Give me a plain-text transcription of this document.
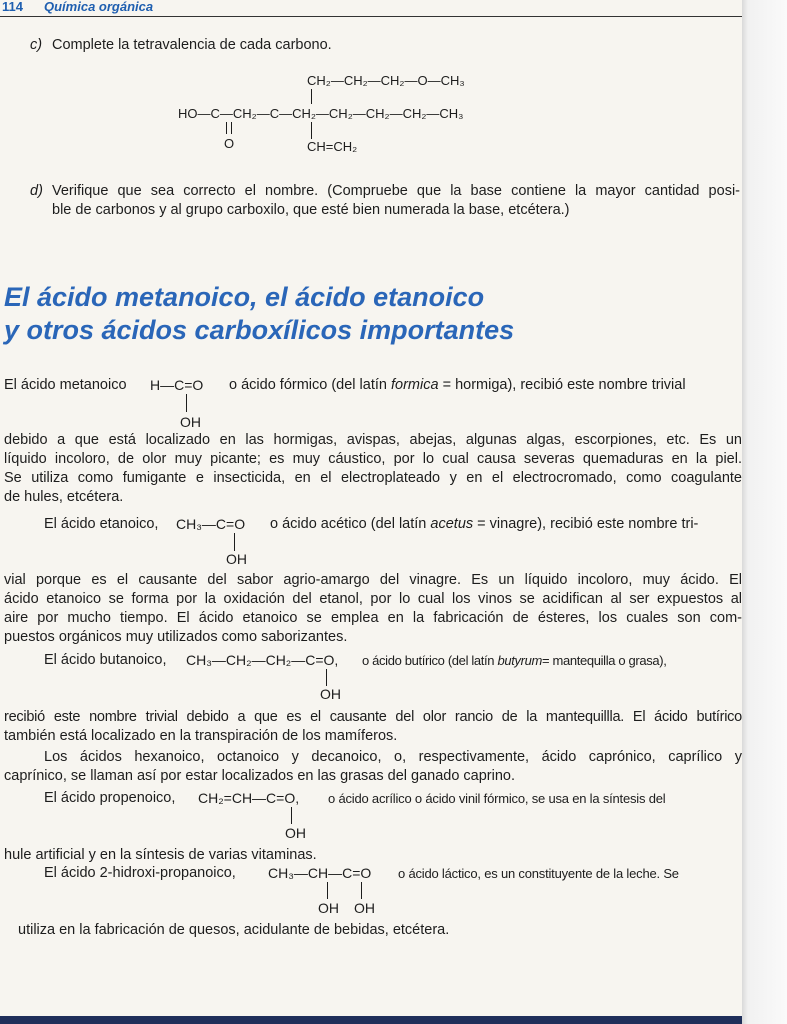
114 Química orgánica
c) Complete la tetravalencia de cada carbono.
CH₂—CH₂—CH₂—O—CH₃
HO—C—CH₂—C—CH₂—CH₂—CH₂—CH₂—CH₃
O	CH=CH₂
d) Verifique que sea correcto el nombre. (Compruebe que la base contiene la mayor cantidad posi-
ble de carbonos y al grupo carboxilo, que esté bien numerada la base, etcétera.)
El ácido metanoico, el ácido etanoico
y otros ácidos carboxílicos importantes
El ácido metanoico H—C=O
OH
o ácido fórmico (del latín formica = hormiga), recibió este nombre trivial
debido a que está localizado en las hormigas, avispas, abejas, algunas algas, escorpiones, etc. Es un
líquido incoloro, de olor muy picante; es muy cáustico, por lo cual causa severas quemaduras en la piel.
Se utiliza como fumigante e insecticida, en el electroplateado y en el electrocromado, como coagulante
de hules, etcétera.
El ácido etanoico, CH₃—C=O
OH
o ácido acético (del latín acetus = vinagre), recibió este nombre tri-
vial porque es el causante del sabor agrio-amargo del vinagre. Es un líquido incoloro, muy ácido. El
ácido etanoico se forma por la oxidación del etanol, por lo cual los vinos se acidifican al ser expuestos al
aire por mucho tiempo. El ácido etanoico se emplea en la fabricación de ésteres, los cuales son com-
puestos orgánicos muy utilizados como saborizantes.
El ácido butanoico, CH₃—CH₂—CH₂—C=O,
OH
o ácido butírico (del latín butyrum= mantequilla o grasa),
recibió este nombre trivial debido a que es el causante del olor rancio de la mantequillla. El ácido butírico
también está localizado en la transpiración de los mamíferos.
Los ácidos hexanoico, octanoico y decanoico, o, respectivamente, ácido caprónico, caprílico y
caprínico, se llaman así por estar localizados en las grasas del ganado caprino.
El ácido propenoico, CH₂=CH—C=O,
OH
o ácido acrílico o ácido vinil fórmico, se usa en la síntesis del
hule artificial y en la síntesis de varias vitaminas.
El ácido 2-hidroxi-propanoico, CH₃—CH—C=O
OH OH
o ácido láctico, es un constituyente de la leche. Se
utiliza en la fabricación de quesos, acidulante de bebidas, etcétera.
